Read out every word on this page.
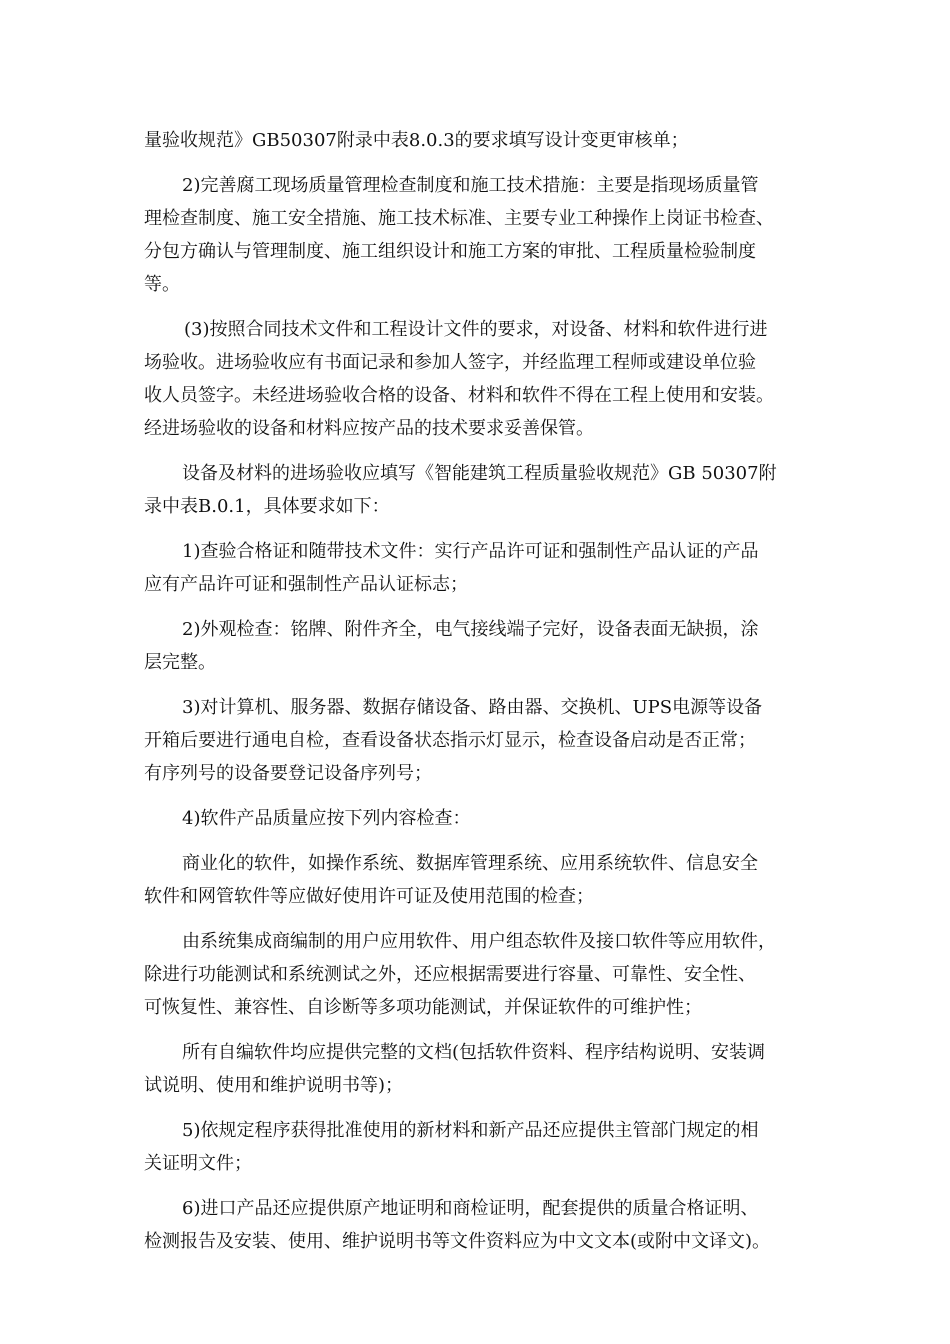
量验收规范》GB50307附录中表8.0.3的要求填写设计变更审核单；
2)完善腐工现场质量管理检查制度和施工技术措施：主要是指现场质量管
理检查制度、施工安全措施、施工技术标准、主要专业工种操作上岗证书检查、
分包方确认与管理制度、施工组织设计和施工方案的审批、工程质量检验制度
等。
(3)按照合同技术文件和工程设计文件的要求，对设备、材料和软件进行进
场验收。进场验收应有书面记录和参加人签字，并经监理工程师或建设单位验
收人员签字。未经进场验收合格的设备、材料和软件不得在工程上使用和安装。
经进场验收的设备和材料应按产品的技术要求妥善保管。
设备及材料的进场验收应填写《智能建筑工程质量验收规范》GB 50307附
录中表B.0.1，具体要求如下：
1)查验合格证和随带技术文件：实行产品许可证和强制性产品认证的产品
应有产品许可证和强制性产品认证标志；
2)外观检查：铭牌、附件齐全，电气接线端子完好，设备表面无缺损，涂
层完整。
3)对计算机、服务器、数据存储设备、路由器、交换机、UPS电源等设备
开箱后要进行通电自检，查看设备状态指示灯显示，检查设备启动是否正常；
有序列号的设备要登记设备序列号；
4)软件产品质量应按下列内容检查：
商业化的软件，如操作系统、数据库管理系统、应用系统软件、信息安全
软件和网管软件等应做好使用许可证及使用范围的检查；
由系统集成商编制的用户应用软件、用户组态软件及接口软件等应用软件，
除进行功能测试和系统测试之外，还应根据需要进行容量、可靠性、安全性、
可恢复性、兼容性、自诊断等多项功能测试，并保证软件的可维护性；
所有自编软件均应提供完整的文档(包括软件资料、程序结构说明、安装调
试说明、使用和维护说明书等)；
5)依规定程序获得批准使用的新材料和新产品还应提供主管部门规定的相
关证明文件；
6)进口产品还应提供原产地证明和商检证明，配套提供的质量合格证明、
检测报告及安装、使用、维护说明书等文件资料应为中文文本(或附中文译文)。
